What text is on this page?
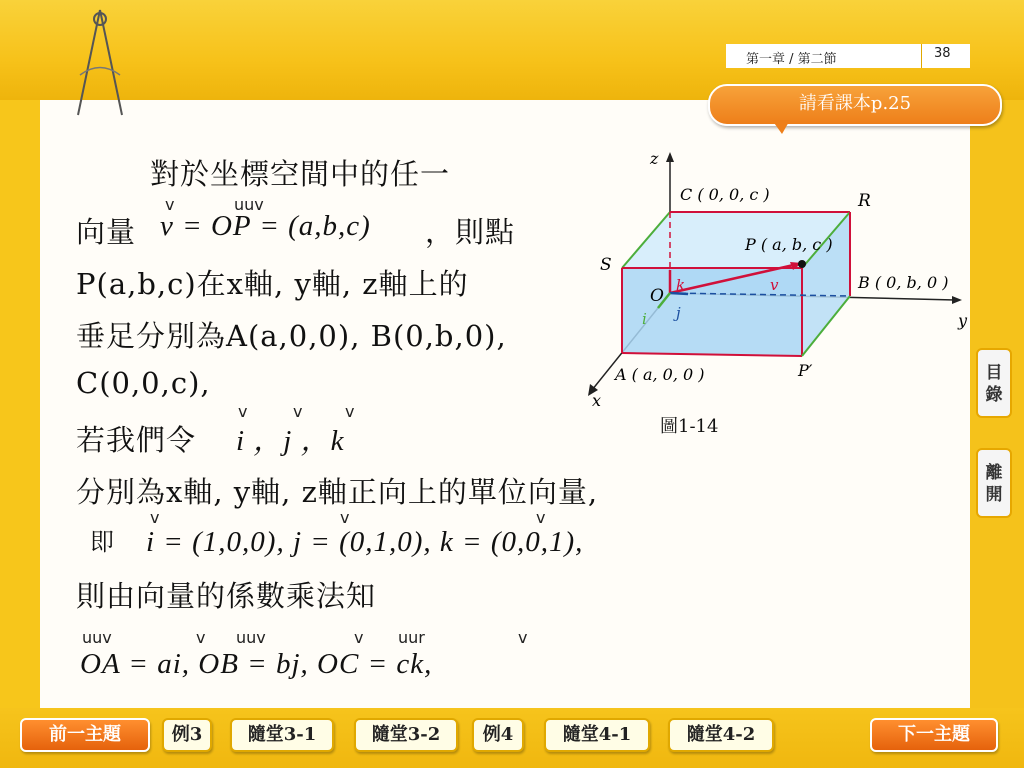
第一章 / 第二節	38
請看課本p.25
對於坐標空間中的任一
向量 v = OP = (a,b,c) ，則點
v	uuv
P(a,b,c)在x軸, y軸, z軸上的
垂足分別為A(a,0,0), B(0,b,0),
C(0,0,c),
若我們令 i ，j ，k
v	v	v
分別為x軸, y軸, z軸正向上的單位向量,
即 i = (1,0,0), j = (0,1,0), k = (0,0,1),
v	v	v
則由向量的係數乘法知
OA = ai, OB = bj, OC = ck,
uuv	v uuv	v uur	v
z
y
x
O
S
R
C ( 0, 0, c )
P ( a, b, c )
B ( 0, b, 0 )
A ( a, 0, 0 )	P′
k
i j
v
圖1-14
目
錄
離
開
前一主題	例3	隨堂3-1	隨堂3-2	例4	隨堂4-1	隨堂4-2	下一主題
